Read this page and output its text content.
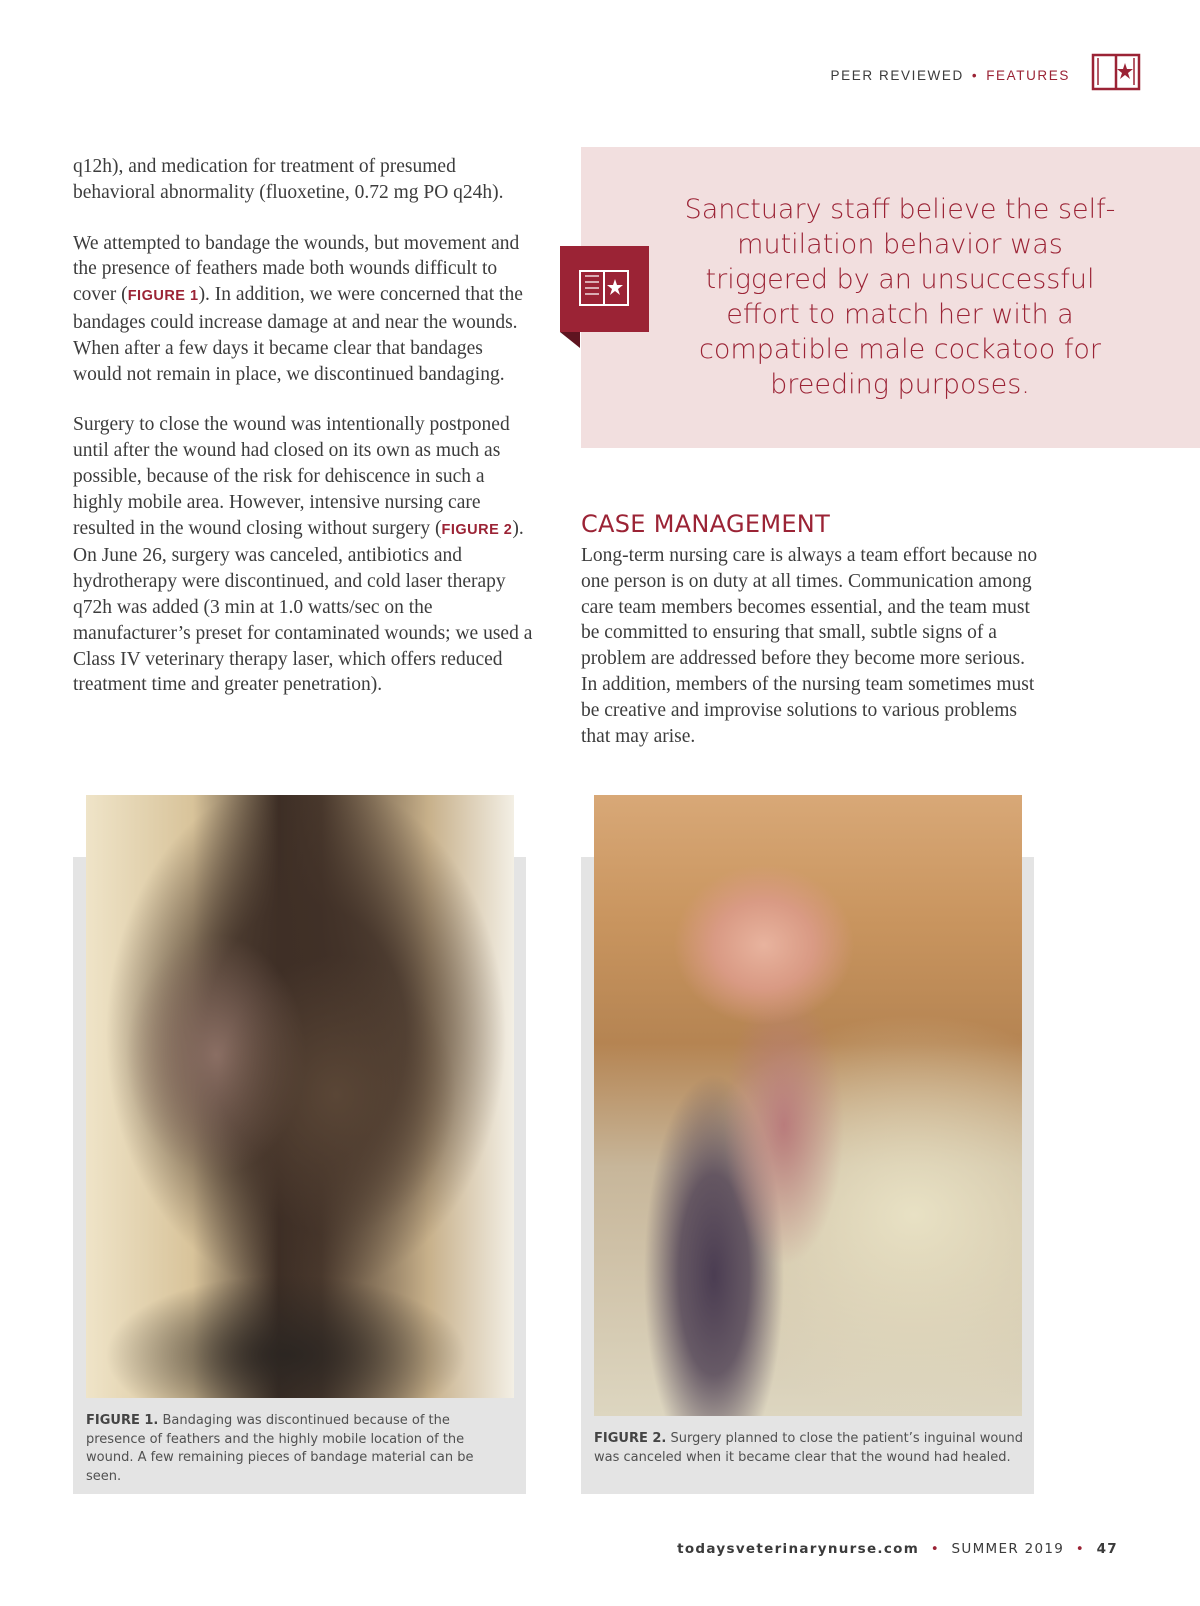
PEER REVIEWED • FEATURES

q12h), and medication for treatment of presumed behavioral abnormality (fluoxetine, 0.72 mg PO q24h).

We attempted to bandage the wounds, but movement and the presence of feathers made both wounds difficult to cover (FIGURE 1). In addition, we were concerned that the bandages could increase damage at and near the wounds. When after a few days it became clear that bandages would not remain in place, we discontinued bandaging.

Surgery to close the wound was intentionally postponed until after the wound had closed on its own as much as possible, because of the risk for dehiscence in such a highly mobile area. However, intensive nursing care resulted in the wound closing without surgery (FIGURE 2). On June 26, surgery was canceled, antibiotics and hydrotherapy were discontinued, and cold laser therapy q72h was added (3 min at 1.0 watts/sec on the manufacturer’s preset for contaminated wounds; we used a Class IV veterinary therapy laser, which offers reduced treatment time and greater penetration).

Sanctuary staff believe the self-mutilation behavior was triggered by an unsuccessful effort to match her with a compatible male cockatoo for breeding purposes.
CASE MANAGEMENT

Long-term nursing care is always a team effort because no one person is on duty at all times. Communication among care team members becomes essential, and the team must be committed to ensuring that small, subtle signs of a problem are addressed before they become more serious. In addition, members of the nursing team sometimes must be creative and improvise solutions to various problems that may arise.

FIGURE 1. Bandaging was discontinued because of the presence of feathers and the highly mobile location of the wound. A few remaining pieces of bandage material can be seen.
FIGURE 2. Surgery planned to close the patient’s inguinal wound was canceled when it became clear that the wound had healed.
todaysveterinarynurse.com • SUMMER 2019 • 47
